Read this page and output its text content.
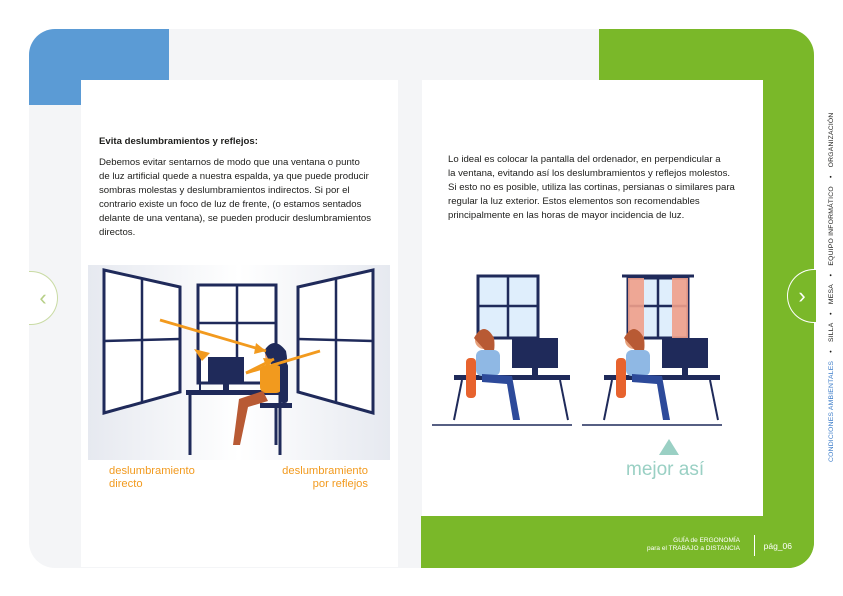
Evita deslumbramientos y reflejos:
Debemos evitar sentarnos de modo que una ventana o punto
de luz artificial quede a nuestra espalda, ya que puede producir
sombras molestas y deslumbramientos indirectos. Si por el
contrario existe un foco de luz de frente, (o estamos sentados
delante de una ventana), se pueden producir deslumbramientos
directos.
deslumbramiento
directo
deslumbramiento
por reflejos
Lo ideal es colocar la pantalla del ordenador, en perpendicular a
la ventana, evitando así los deslumbramientos y reflejos molestos.
Si esto no es posible, utiliza las cortinas, persianas o similares para
regular la luz exterior. Estos elementos son recomendables
principalmente en las horas de mayor incidencia de luz.
mejor así
‹	›
CONDICIONES AMBIENTALES • SILLA • MESA • EQUIPO INFORMÁTICO • ORGANIZACIÓN
GUÍA de ERGONOMÍA
para el TRABAJO a DISTANCIA	pág_06
